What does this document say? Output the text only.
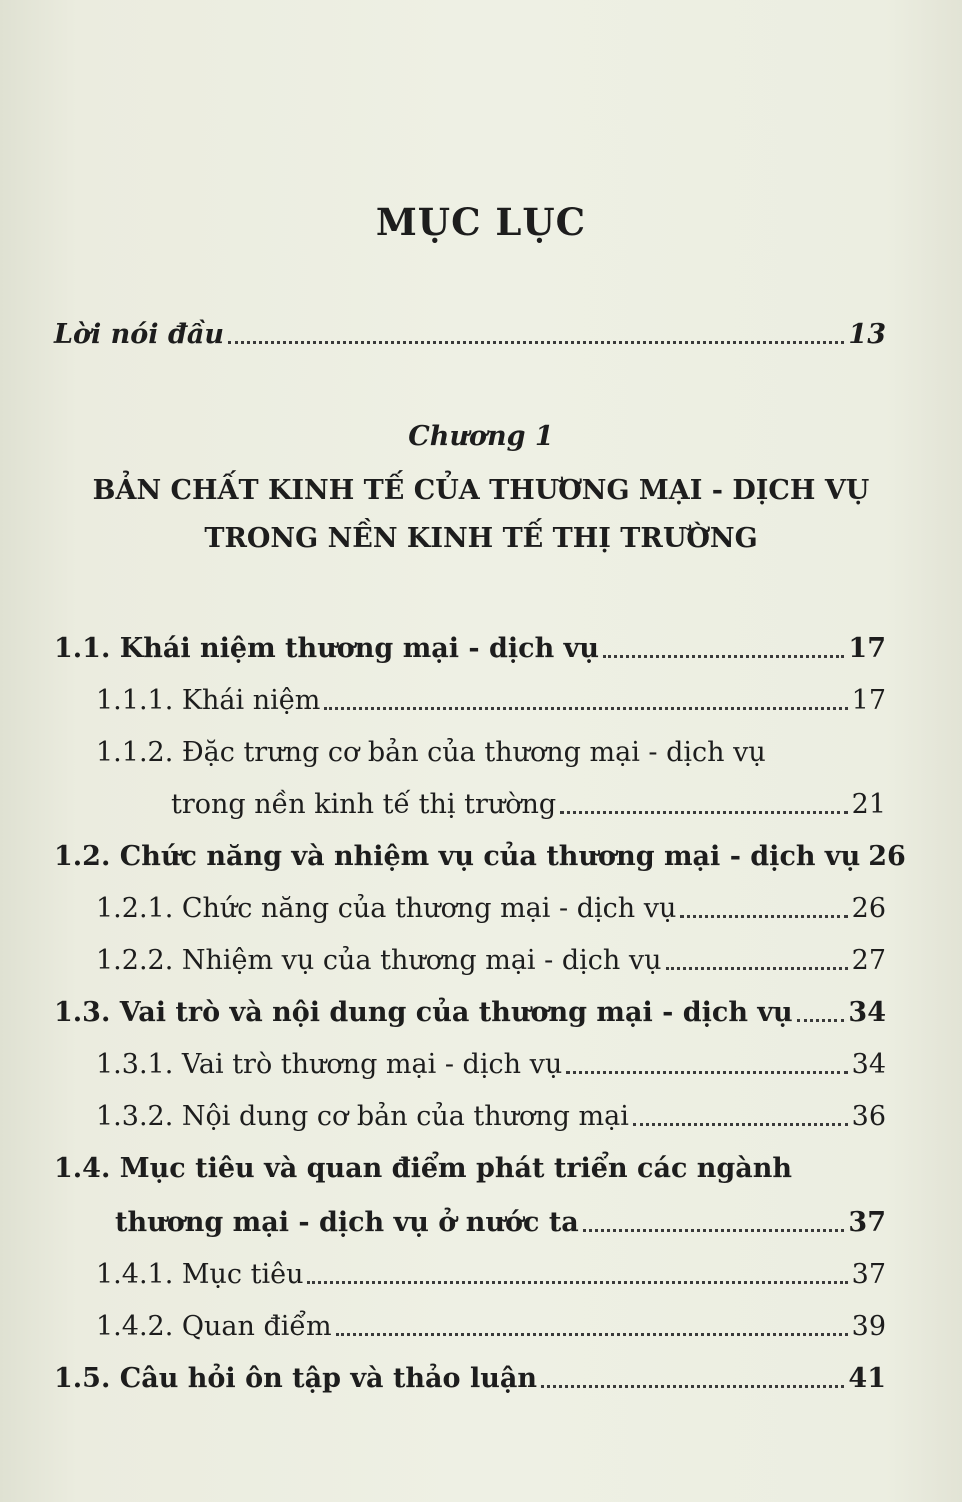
MỤC LỤC
Lời nói đầu	13
Chương 1
BẢN CHẤT KINH TẾ CỦA THƯƠNG MẠI - DỊCH VỤ
TRONG NỀN KINH TẾ THỊ TRƯỜNG
1.1. Khái niệm thương mại - dịch vụ	17
1.1.1. Khái niệm	17
1.1.2. Đặc trưng cơ bản của thương mại - dịch vụ
trong nền kinh tế thị trường	21
1.2. Chức năng và nhiệm vụ của thương mại - dịch vụ 26
1.2.1. Chức năng của thương mại - dịch vụ	26
1.2.2. Nhiệm vụ của thương mại - dịch vụ	27
1.3. Vai trò và nội dung của thương mại - dịch vụ 34
1.3.1. Vai trò thương mại - dịch vụ	34
1.3.2. Nội dung cơ bản của thương mại	36
1.4. Mục tiêu và quan điểm phát triển các ngành
thương mại - dịch vụ ở nước ta	37
1.4.1. Mục tiêu	37
1.4.2. Quan điểm	39
1.5. Câu hỏi ôn tập và thảo luận	41
